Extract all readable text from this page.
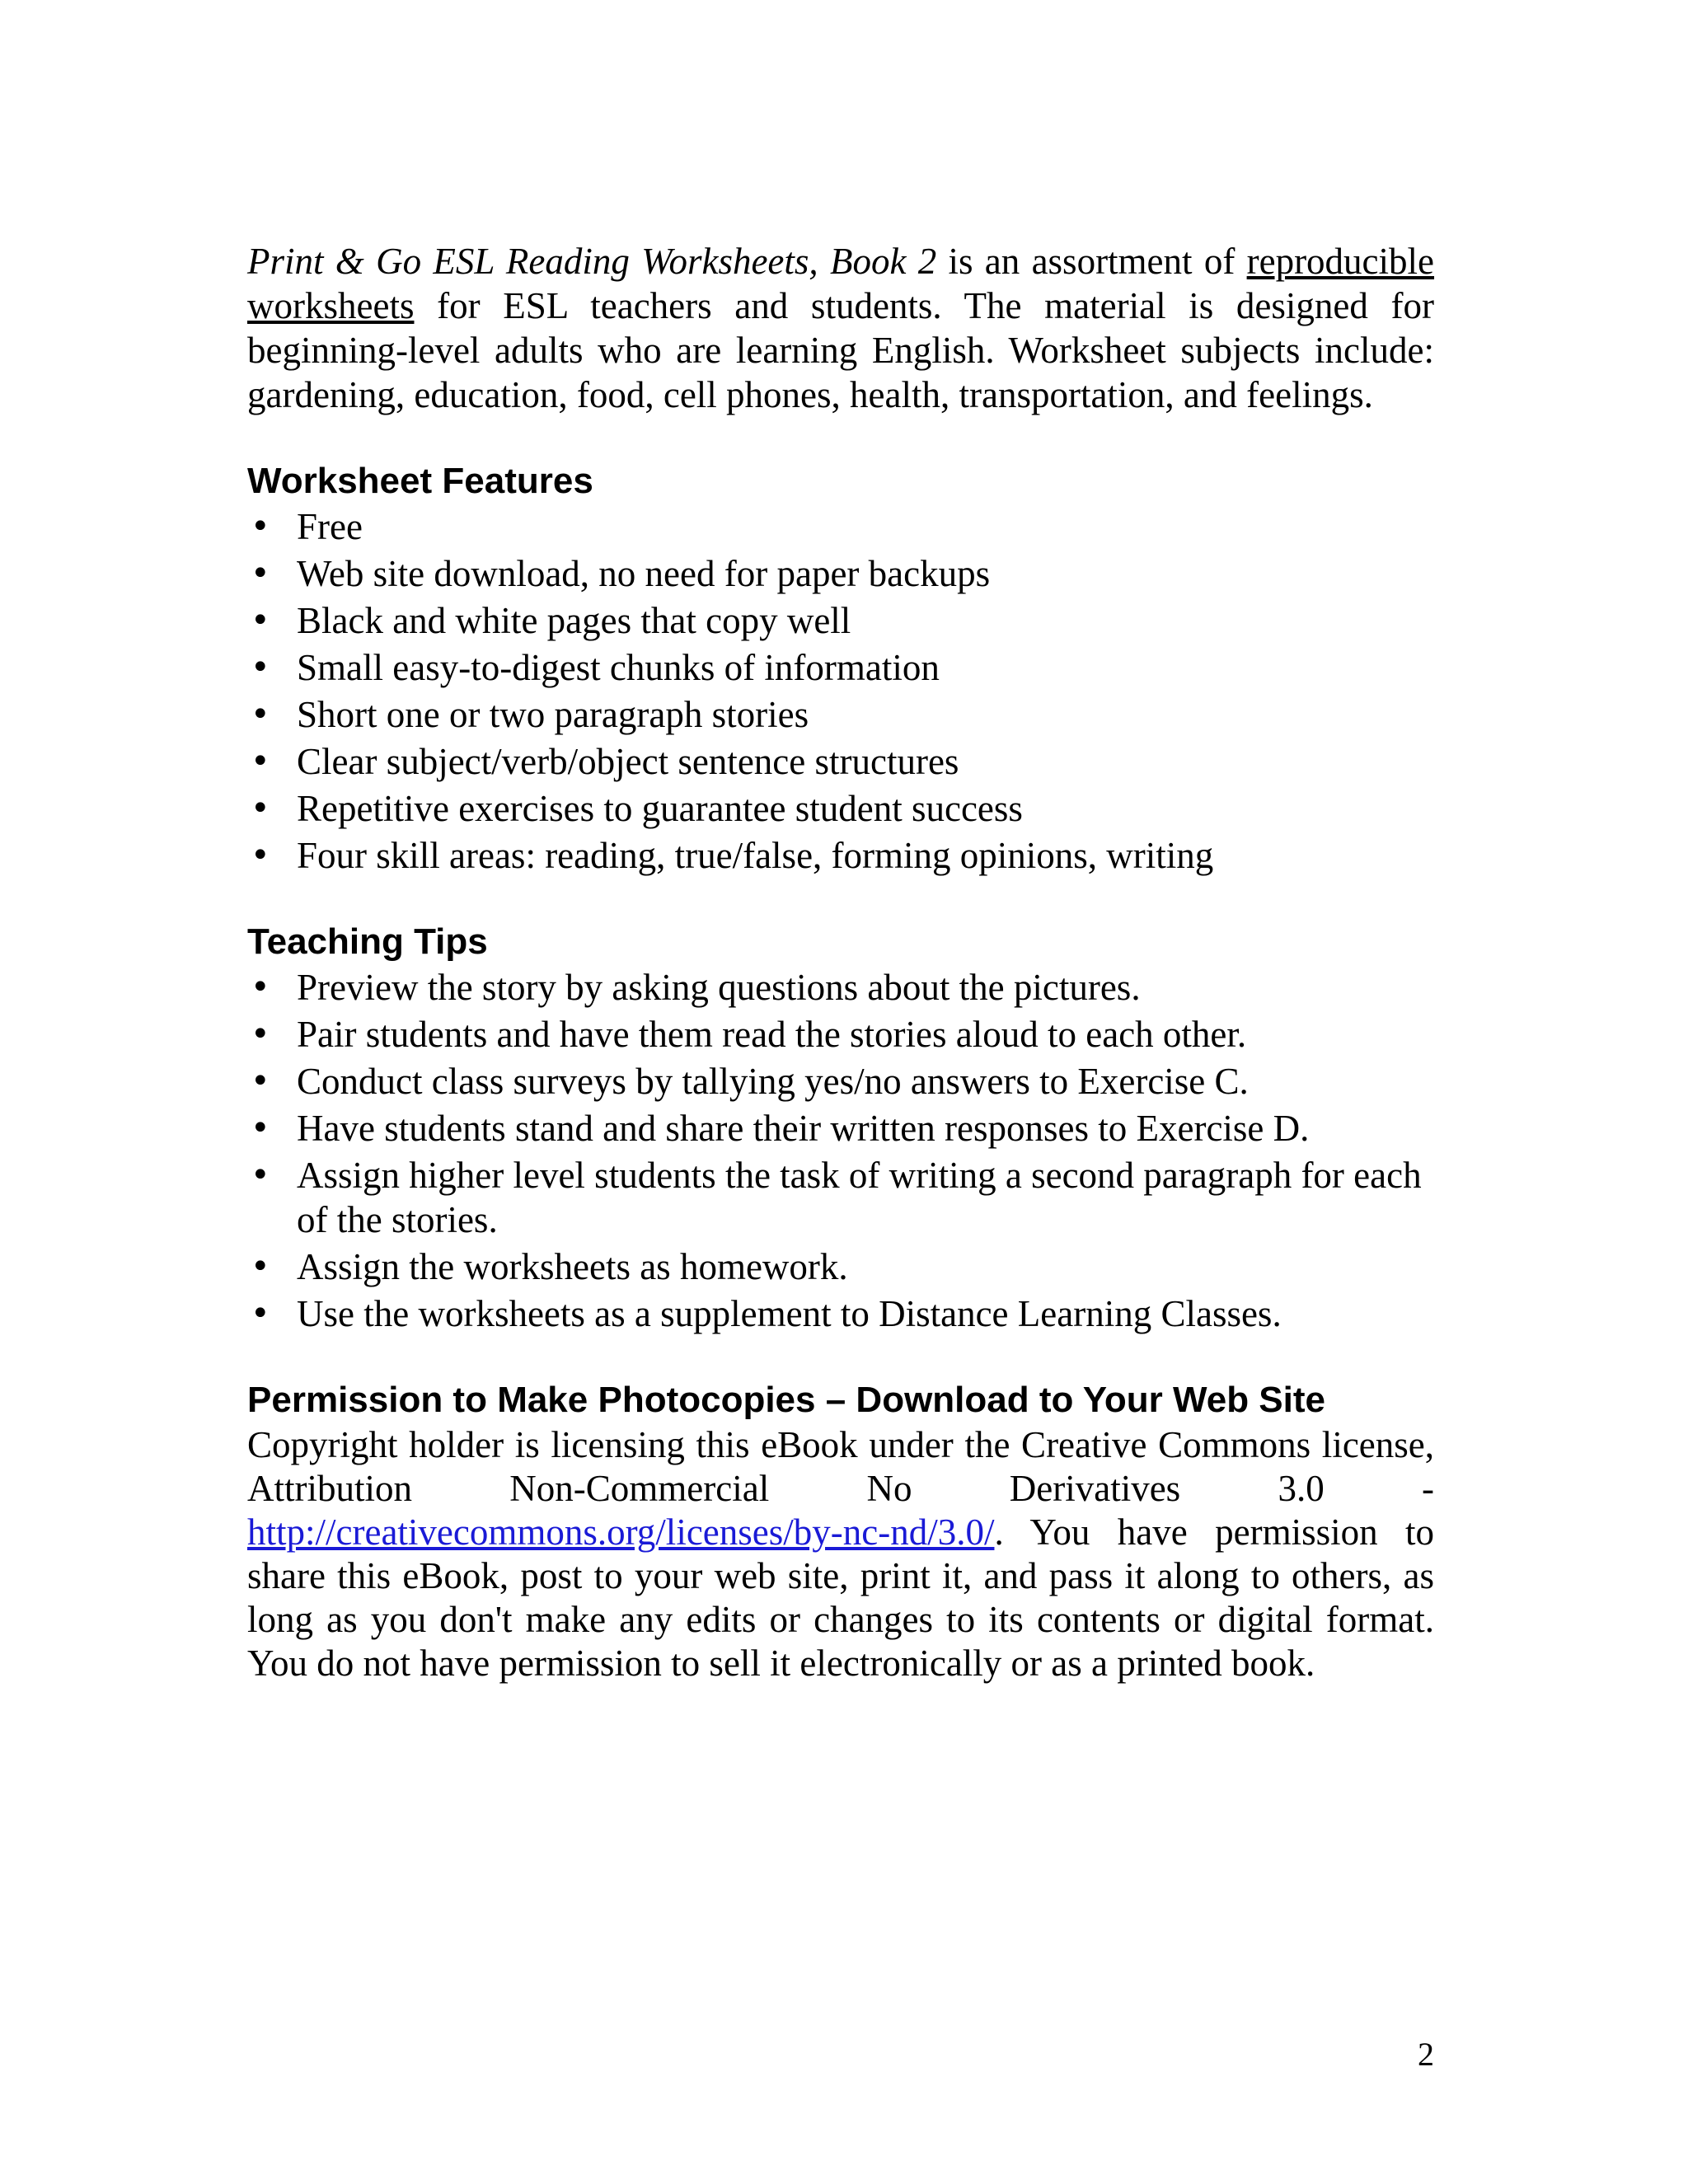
Print & Go ESL Reading Worksheets, Book 2 is an assortment of reproducible worksheets for ESL teachers and students. The material is designed for beginning-level adults who are learning English. Worksheet subjects include: gardening, education, food, cell phones, health, transportation, and feelings.

Worksheet Features
• Free
• Web site download, no need for paper backups
• Black and white pages that copy well
• Small easy-to-digest chunks of information
• Short one or two paragraph stories
• Clear subject/verb/object sentence structures
• Repetitive exercises to guarantee student success
• Four skill areas: reading, true/false, forming opinions, writing
Teaching Tips
• Preview the story by asking questions about the pictures.
• Pair students and have them read the stories aloud to each other.
• Conduct class surveys by tallying yes/no answers to Exercise C.
• Have students stand and share their written responses to Exercise D.
• Assign higher level students the task of writing a second paragraph for each of the stories.
• Assign the worksheets as homework.
• Use the worksheets as a supplement to Distance Learning Classes.
Permission to Make Photocopies – Download to Your Web Site

Copyright holder is licensing this eBook under the Creative Commons license, Attribution Non-Commercial No Derivatives 3.0 - http://creativecommons.org/licenses/by-nc-nd/3.0/. You have permission to share this eBook, post to your web site, print it, and pass it along to others, as long as you don't make any edits or changes to its contents or digital format. You do not have permission to sell it electronically or as a printed book.

2
